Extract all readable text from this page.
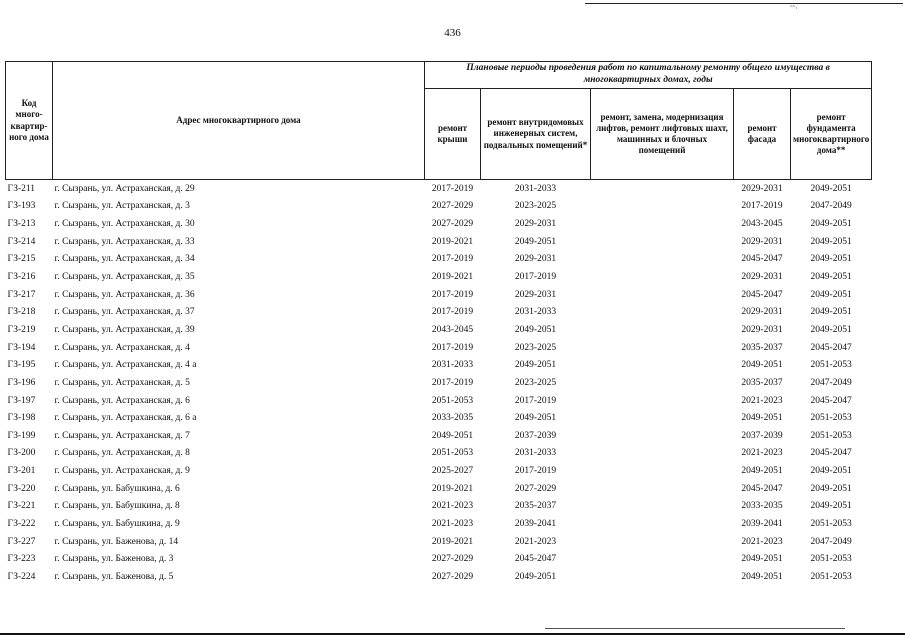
˜˜·
436
Код много-квартир-ного дома	Адрес многоквартирного дома	Плановые периоды проведения работ по капитальному ремонту общего имущества в многоквартирных домах, годы				
		ремонт крыши	ремонт внутридомовых инженерных систем, подвальных помещений*	ремонт, замена, модернизация лифтов, ремонт лифтовых шахт, машинных и блочных помещений	ремонт фасада	ремонт фундамента многоквартирного дома**
ГЗ-211	г. Сызрань, ул. Астраханская, д. 29	2017-2019	2031-2033		2029-2031	2049-2051
ГЗ-193	г. Сызрань, ул. Астраханская, д. 3	2027-2029	2023-2025		2017-2019	2047-2049
ГЗ-213	г. Сызрань, ул. Астраханская, д. 30	2027-2029	2029-2031		2043-2045	2049-2051
ГЗ-214	г. Сызрань, ул. Астраханская, д. 33	2019-2021	2049-2051		2029-2031	2049-2051
ГЗ-215	г. Сызрань, ул. Астраханская, д. 34	2017-2019	2029-2031		2045-2047	2049-2051
ГЗ-216	г. Сызрань, ул. Астраханская, д. 35	2019-2021	2017-2019		2029-2031	2049-2051
ГЗ-217	г. Сызрань, ул. Астраханская, д. 36	2017-2019	2029-2031		2045-2047	2049-2051
ГЗ-218	г. Сызрань, ул. Астраханская, д. 37	2017-2019	2031-2033		2029-2031	2049-2051
ГЗ-219	г. Сызрань, ул. Астраханская, д. 39	2043-2045	2049-2051		2029-2031	2049-2051
ГЗ-194	г. Сызрань, ул. Астраханская, д. 4	2017-2019	2023-2025		2035-2037	2045-2047
ГЗ-195	г. Сызрань, ул. Астраханская, д. 4 а	2031-2033	2049-2051		2049-2051	2051-2053
ГЗ-196	г. Сызрань, ул. Астраханская, д. 5	2017-2019	2023-2025		2035-2037	2047-2049
ГЗ-197	г. Сызрань, ул. Астраханская, д. 6	2051-2053	2017-2019		2021-2023	2045-2047
ГЗ-198	г. Сызрань, ул. Астраханская, д. 6 а	2033-2035	2049-2051		2049-2051	2051-2053
ГЗ-199	г. Сызрань, ул. Астраханская, д. 7	2049-2051	2037-2039		2037-2039	2051-2053
ГЗ-200	г. Сызрань, ул. Астраханская, д. 8	2051-2053	2031-2033		2021-2023	2045-2047
ГЗ-201	г. Сызрань, ул. Астраханская, д. 9	2025-2027	2017-2019		2049-2051	2049-2051
ГЗ-220	г. Сызрань, ул. Бабушкина, д. 6	2019-2021	2027-2029		2045-2047	2049-2051
ГЗ-221	г. Сызрань, ул. Бабушкина, д. 8	2021-2023	2035-2037		2033-2035	2049-2051
ГЗ-222	г. Сызрань, ул. Бабушкина, д. 9	2021-2023	2039-2041		2039-2041	2051-2053
ГЗ-227	г. Сызрань, ул. Баженова, д. 14	2019-2021	2021-2023		2021-2023	2047-2049
ГЗ-223	г. Сызрань, ул. Баженова, д. 3	2027-2029	2045-2047		2049-2051	2051-2053
ГЗ-224	г. Сызрань, ул. Баженова, д. 5	2027-2029	2049-2051		2049-2051	2051-2053
